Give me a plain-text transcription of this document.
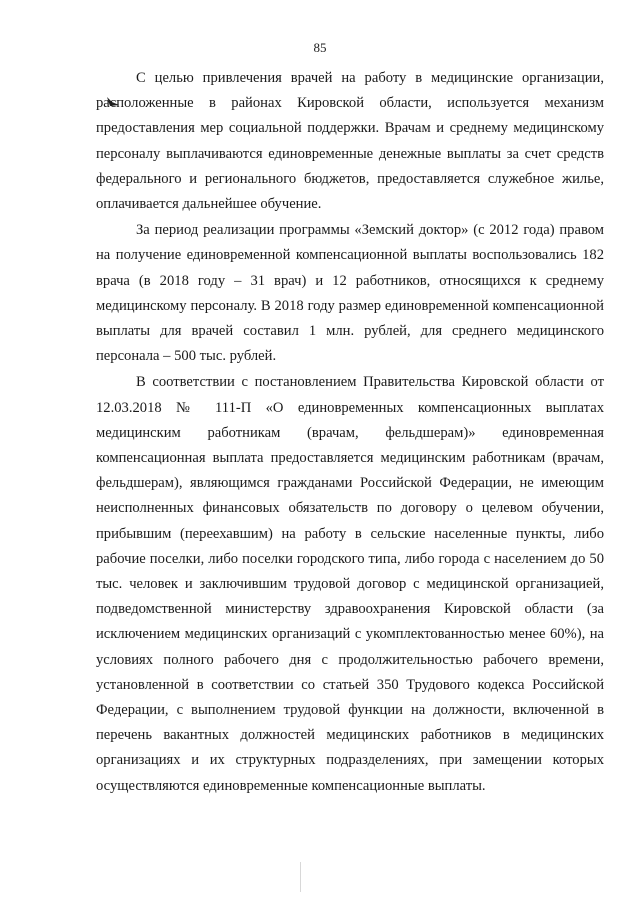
85

С целью привлечения врачей на работу в медицинские организации, расположенные в районах Кировской области, используется механизм предоставления мер социальной поддержки. Врачам и среднему медицинскому персоналу выплачиваются единовременные денежные выплаты за счет средств федерального и регионального бюджетов, предоставляется служебное жилье, оплачивается дальнейшее обучение.

За период реализации программы «Земский доктор» (с 2012 года) правом на получение единовременной компенсационной выплаты воспользовались 182 врача (в 2018 году – 31 врач) и 12 работников, относящихся к среднему медицинскому персоналу. В 2018 году размер единовременной компенсационной выплаты для врачей составил 1 млн. рублей, для среднего медицинского персонала – 500 тыс. рублей.

В соответствии с постановлением Правительства Кировской области от 12.03.2018 № 111-П «О единовременных компенсационных выплатах медицинским работникам (врачам, фельдшерам)» единовременная компенсационная выплата предоставляется медицинским работникам (врачам, фельдшерам), являющимся гражданами Российской Федерации, не имеющим неисполненных финансовых обязательств по договору о целевом обучении, прибывшим (переехавшим) на работу в сельские населенные пункты, либо рабочие поселки, либо поселки городского типа, либо города с населением до 50 тыс. человек и заключившим трудовой договор с медицинской организацией, подведомственной министерству здравоохранения Кировской области (за исключением медицинских организаций с укомплектованностью менее 60%), на условиях полного рабочего дня с продолжительностью рабочего времени, установленной в соответствии со статьей 350 Трудового кодекса Российской Федерации, с выполнением трудовой функции на должности, включенной в перечень вакантных должностей медицинских работников в медицинских организациях и их структурных подразделениях, при замещении которых осуществляются единовременные компенсационные выплаты.
